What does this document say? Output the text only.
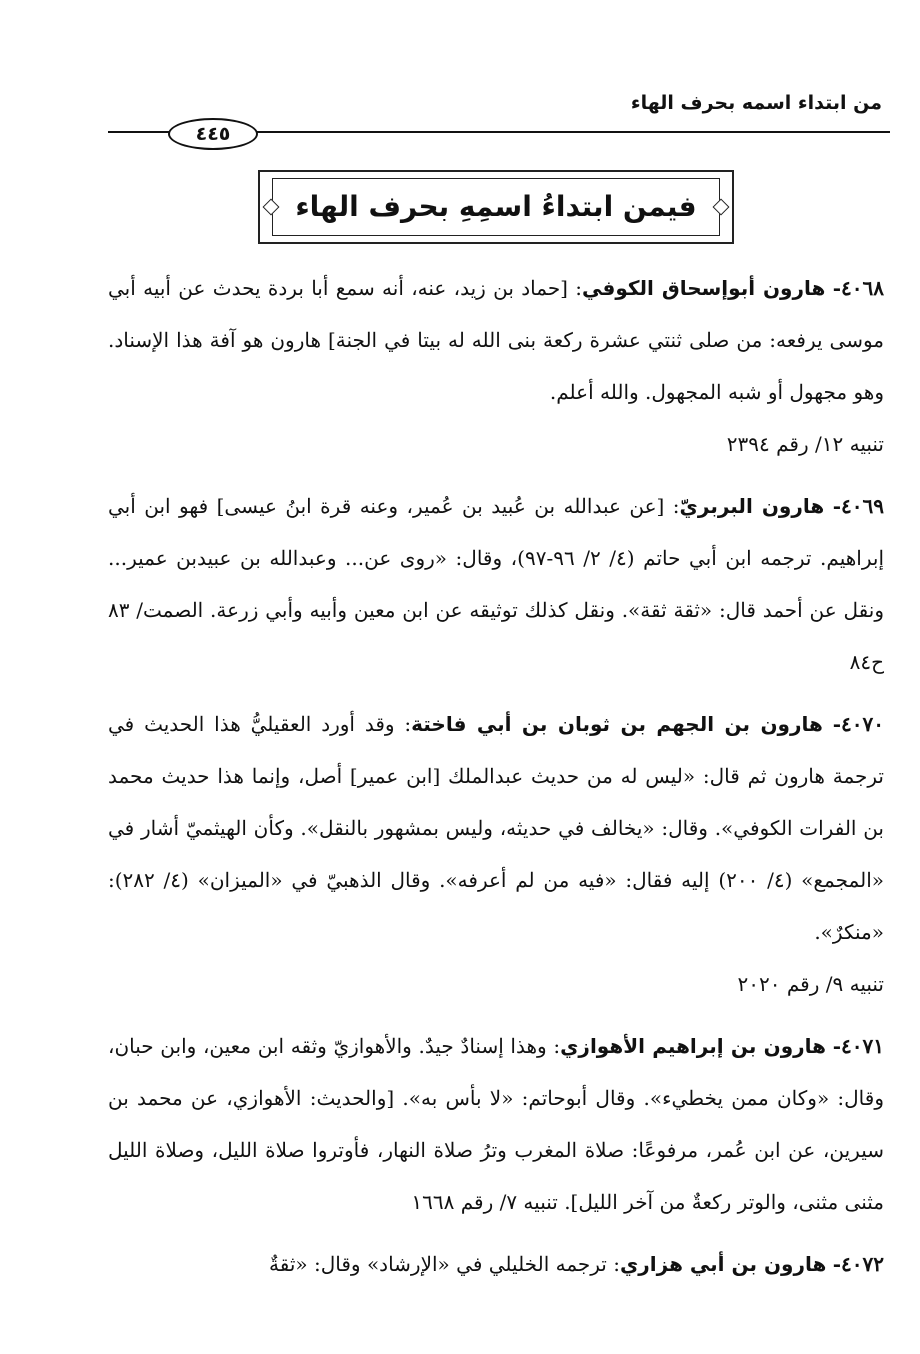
من ابتداء اسمه بحرف الهاء
٤٤٥
فيمن ابتداءُ اسمِهِ بحرف الهاء

٤٠٦٨- هارون أبوإسحاق الكوفي: [حماد بن زيد، عنه، أنه سمع أبا بردة يحدث عن أبيه أبي موسى يرفعه: من صلى ثنتي عشرة ركعة بنى الله له بيتا في الجنة] هارون هو آفة هذا الإسناد. وهو مجهول أو شبه المجهول. والله أعلم.
تنبيه ١٢/ رقم ٢٣٩٤

٤٠٦٩- هارون البربريّ: [عن عبدالله بن عُبيد بن عُمير، وعنه قرة ابنُ عيسى] فهو ابن أبي إبراهيم. ترجمه ابن أبي حاتم (٤/ ٢/ ٩٦-٩٧)، وقال: «روى عن... وعبدالله بن عبيدبن عمير... ونقل عن أحمد قال: «ثقة ثقة». ونقل كذلك توثيقه عن ابن معين وأبيه وأبي زرعة. الصمت/ ٨٣ ح٨٤

٤٠٧٠- هارون بن الجهم بن ثوبان بن أبي فاختة: وقد أورد العقيليُّ هذا الحديث في ترجمة هارون ثم قال: «ليس له من حديث عبدالملك [ابن عمير] أصل، وإنما هذا حديث محمد بن الفرات الكوفي». وقال: «يخالف في حديثه، وليس بمشهور بالنقل». وكأن الهيثميّ أشار في «المجمع» (٤/ ٢٠٠) إليه فقال: «فيه من لم أعرفه». وقال الذهبيّ في «الميزان» (٤/ ٢٨٢): «منكرٌ».
تنبيه ٩/ رقم ٢٠٢٠

٤٠٧١- هارون بن إبراهيم الأهوازي: وهذا إسنادٌ جيدٌ. والأهوازيّ وثقه ابن معين، وابن حبان، وقال: «وكان ممن يخطيء». وقال أبوحاتم: «لا بأس به». [والحديث: الأهوازي، عن محمد بن سيرين، عن ابن عُمر، مرفوعًا: صلاة المغرب وترُ صلاة النهار، فأوتروا صلاة الليل، وصلاة الليل مثنى مثنى، والوتر ركعةٌ من آخر الليل]. تنبيه ٧/ رقم ١٦٦٨

٤٠٧٢- هارون بن أبي هزاري: ترجمه الخليلي في «الإرشاد» وقال: «ثقةٌ
